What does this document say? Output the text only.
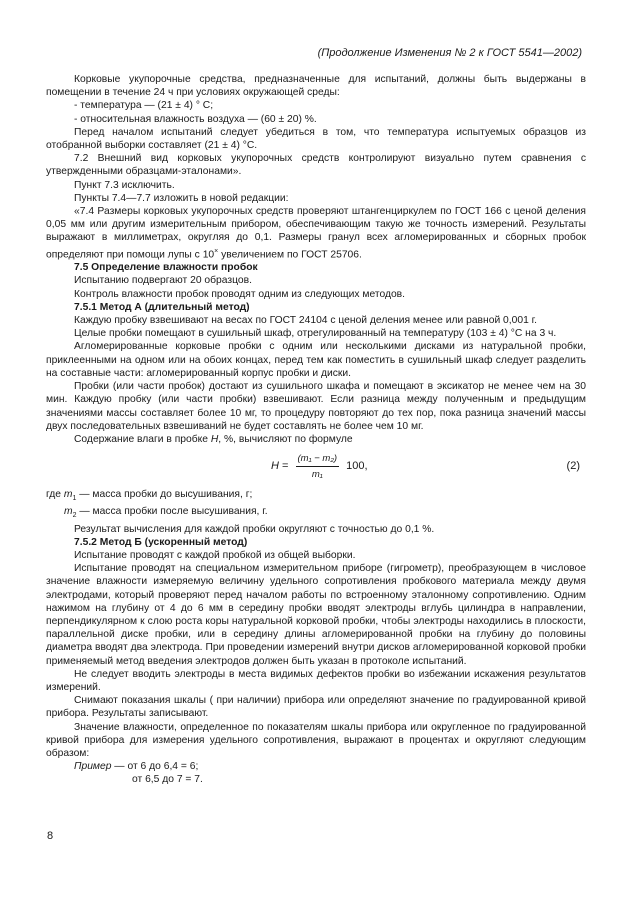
(Продолжение Изменения № 2 к ГОСТ 5541—2002)

Корковые укупорочные средства, предназначенные для испытаний, должны быть выдержаны в помещении в течение 24 ч при условиях окружающей среды:

- температура — (21 ± 4) ° С;

- относительная влажность воздуха — (60 ± 20) %.

Перед началом испытаний следует убедиться в том, что температура испытуемых образцов из отобранной выборки составляет (21 ± 4) °С.

7.2 Внешний вид корковых укупорочных средств контролируют визуально путем сравнения с утвержденными образцами-эталонами».

Пункт 7.3 исключить.

Пункты 7.4—7.7 изложить в новой редакции:

«7.4 Размеры корковых укупорочных средств проверяют штангенциркулем по ГОСТ 166 с ценой деления 0,05 мм или другим измерительным прибором, обеспечивающим такую же точность измерений. Результаты выражают в миллиметрах, округляя до 0,1. Размеры гранул всех агломерированных и сборных пробок определяют при помощи лупы с 10× увеличением по ГОСТ 25706.

7.5 Определение влажности пробок

Испытанию подвергают 20 образцов.

Контроль влажности пробок проводят одним из следующих методов.

7.5.1 Метод А (длительный метод)

Каждую пробку взвешивают на весах по ГОСТ 24104 с ценой деления менее или равной 0,001 г.

Целые пробки помещают в сушильный шкаф, отрегулированный на температуру (103 ± 4) °С на 3 ч.

Агломерированные корковые пробки с одним или несколькими дисками из натуральной пробки, приклеенными на одном или на обоих концах, перед тем как поместить в сушильный шкаф следует разделить на составные части: агломерированный корпус пробки и диски.

Пробки (или части пробок) достают из сушильного шкафа и помещают в эксикатор не менее чем на 30 мин. Каждую пробку (или части пробки) взвешивают. Если разница между полученным и предыдущим значениями массы составляет более 10 мг, то процедуру повторяют до тех пор, пока разница значений массы двух последовательных взвешиваний не будет составлять не более чем 10 мг.

Содержание влаги в пробке H, %, вычисляют по формуле

$H = \frac{\text{(m₁ − m₂)}}{\text{m₁}} 100$,	(2)

где $m_1$ — масса пробки до высушивания, г;

$m_2$ — масса пробки после высушивания, г.

Результат вычисления для каждой пробки округляют с точностью до 0,1 %.

7.5.2 Метод Б (ускоренный метод)

Испытание проводят с каждой пробкой из общей выборки.

Испытание проводят на специальном измерительном приборе (гигрометр), преобразующем в числовое значение влажности измеряемую величину удельного сопротивления пробкового материала между двумя электродами, который проверяют перед началом работы по встроенному эталонному сопротивлению. Одним нажимом на глубину от 4 до 6 мм в середину пробки вводят электроды вглубь цилиндра в направлении, перпендикулярном к слою роста коры натуральной корковой пробки, чтобы электроды находились в плоскости, параллельной диске пробки, или в середину длины агломерированной пробки на глубину до половины диаметра вводят два электрода. При проведении измерений внутри дисков агломерированной корковой пробки применяемый метод введения электродов должен быть указан в протоколе испытаний.

Не следует вводить электроды в места видимых дефектов пробки во избежании искажения результатов измерений.

Снимают показания шкалы ( при наличии) прибора или определяют значение по градуированной кривой прибора. Результаты записывают.

Значение влажности, определенное по показателям шкалы прибора или округленное по градуированной кривой прибора для измерения удельного сопротивления, выражают в процентах и округляют следующим образом:

Пример — от 6 до 6,4 = 6;

от 6,5 до 7 = 7.

8
